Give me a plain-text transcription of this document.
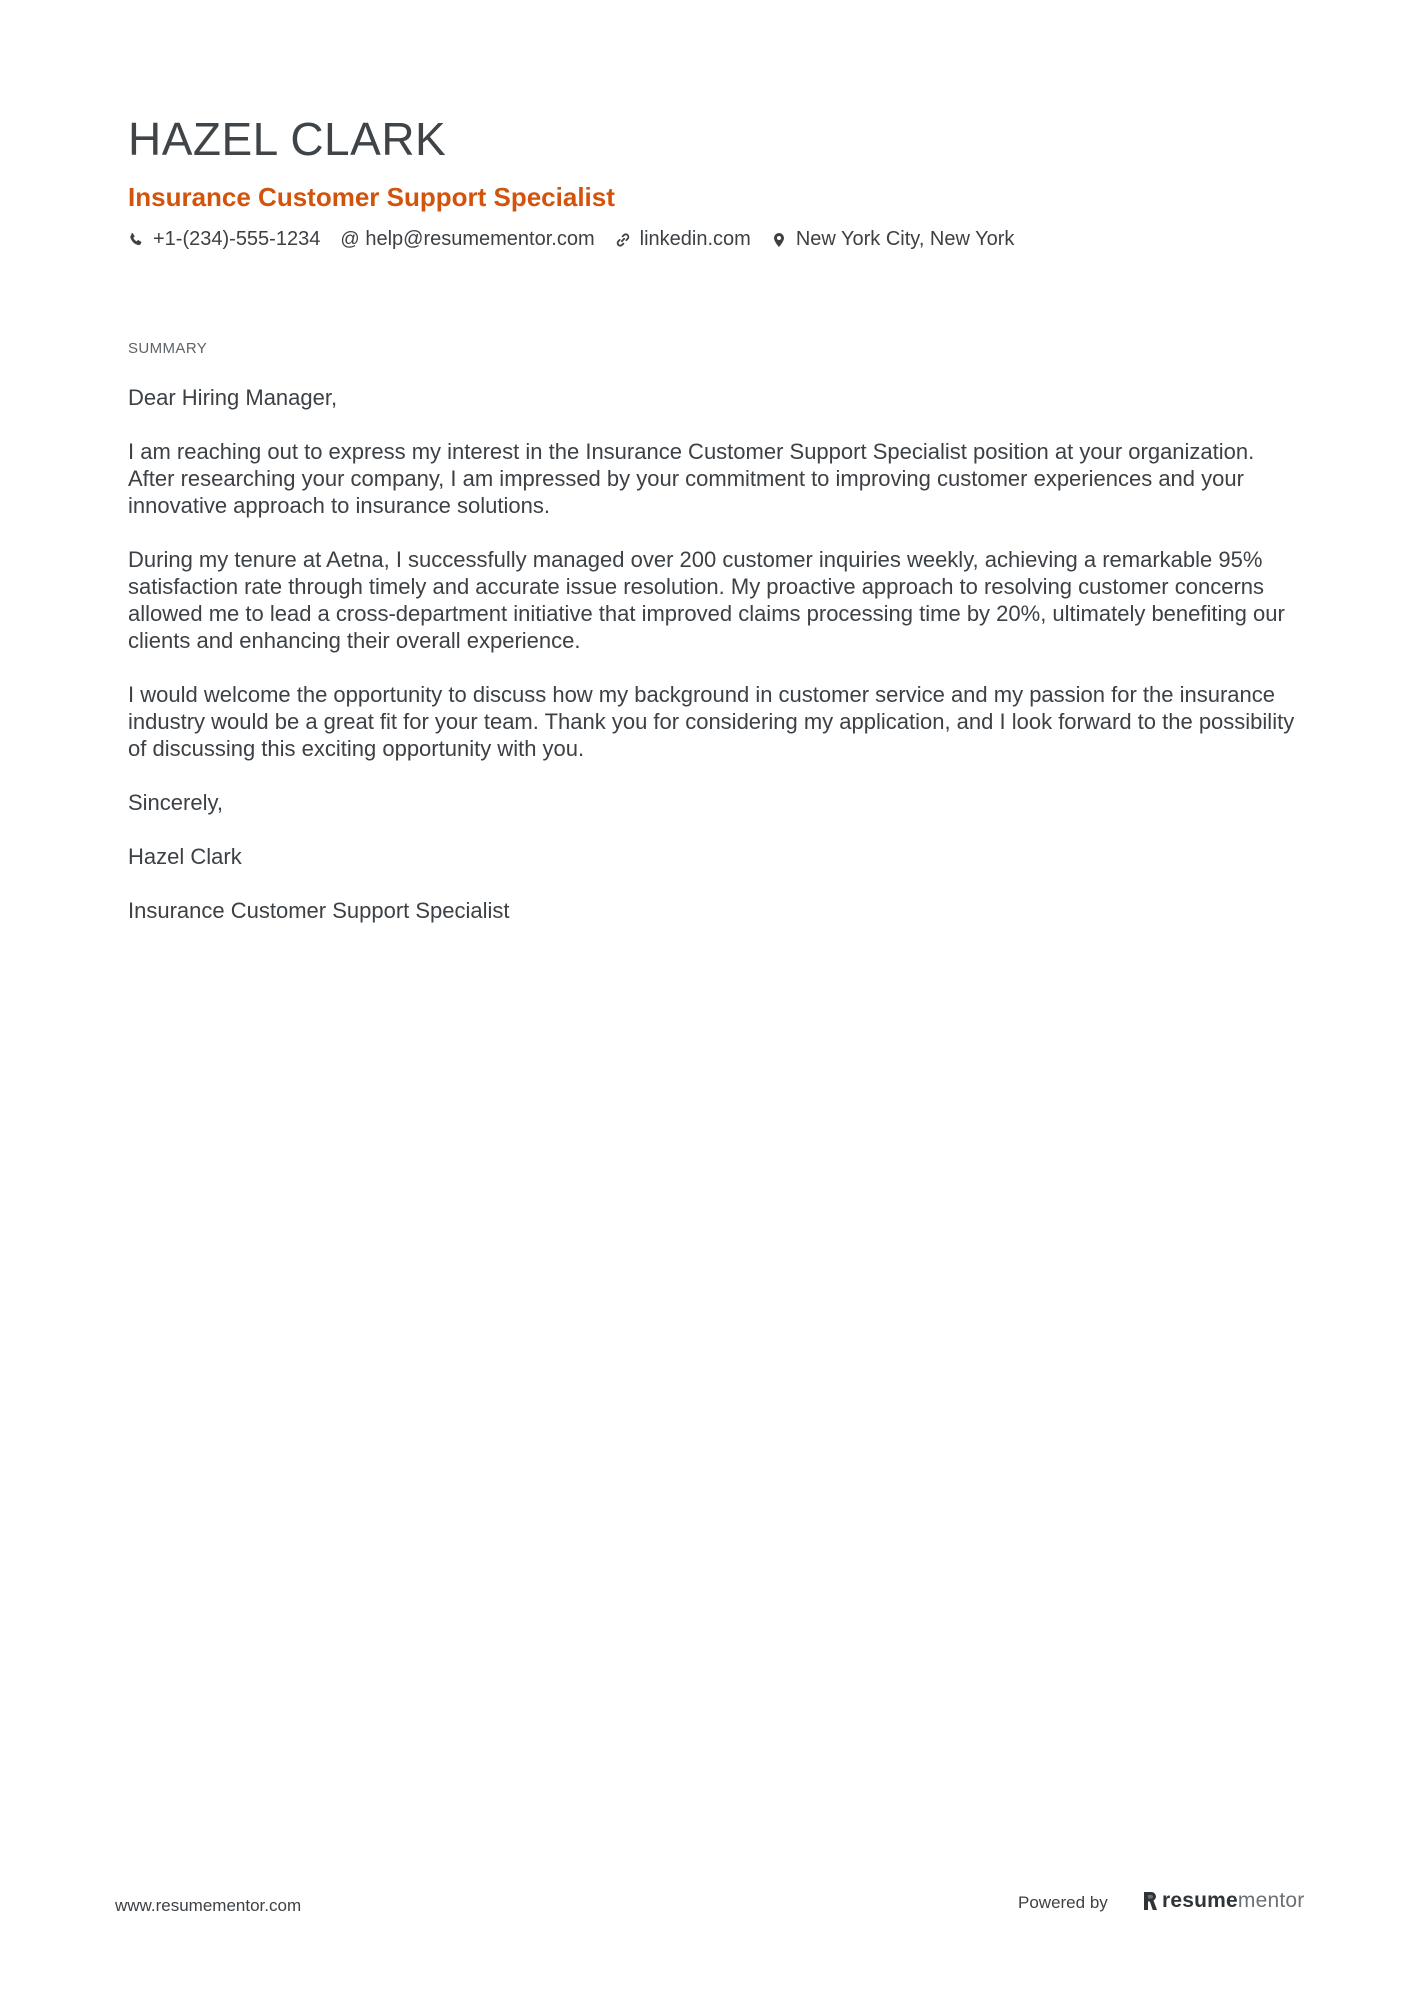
HAZEL CLARK
Insurance Customer Support Specialist
+1-(234)-555-1234 @ help@resumementor.com linkedin.com New York City, New York
SUMMARY

Dear Hiring Manager,

I am reaching out to express my interest in the Insurance Customer Support Specialist position at your organization. After researching your company, I am impressed by your commitment to improving customer experiences and your innovative approach to insurance solutions.

During my tenure at Aetna, I successfully managed over 200 customer inquiries weekly, achieving a remarkable 95% satisfaction rate through timely and accurate issue resolution. My proactive approach to resolving customer concerns allowed me to lead a cross-department initiative that improved claims processing time by 20%, ultimately benefiting our clients and enhancing their overall experience.

I would welcome the opportunity to discuss how my background in customer service and my passion for the insurance industry would be a great fit for your team. Thank you for considering my application, and I look forward to the possibility of discussing this exciting opportunity with you.

Sincerely,

Hazel Clark

Insurance Customer Support Specialist

www.resumementor.com	Powered by	resumementor
